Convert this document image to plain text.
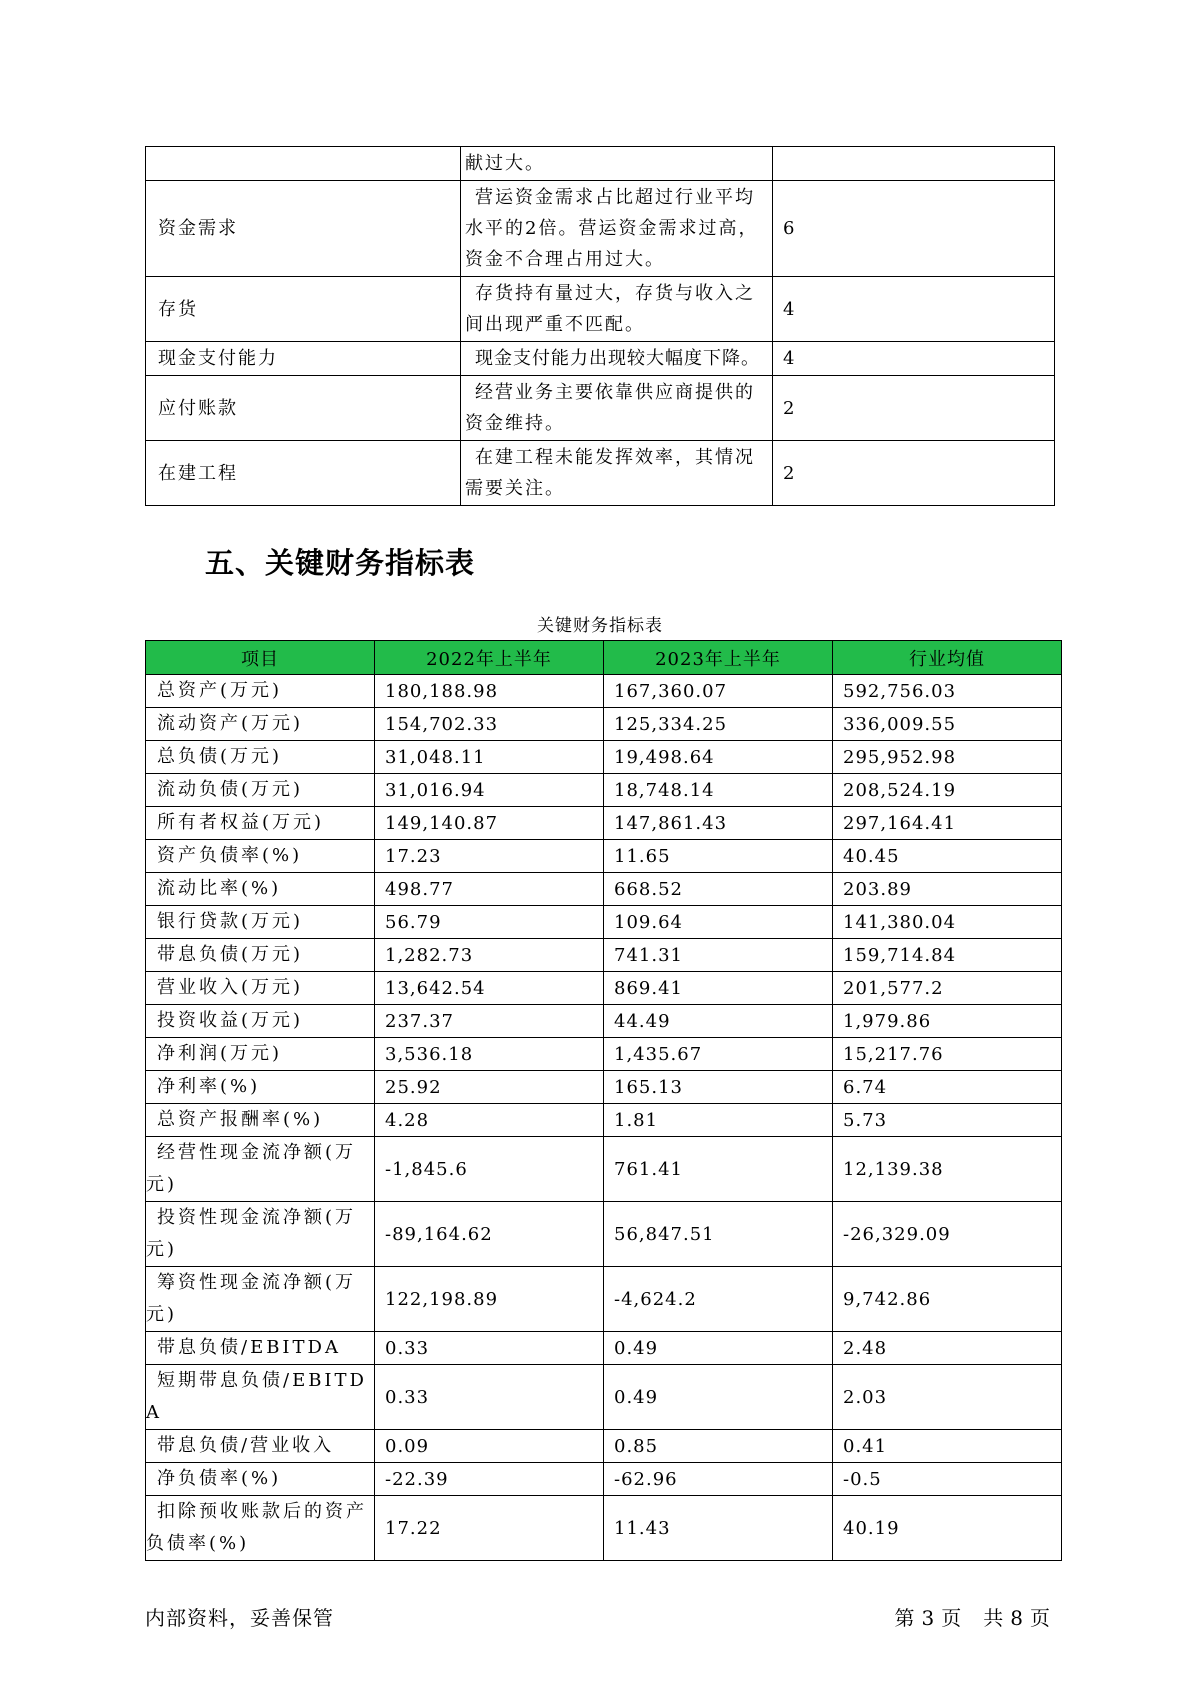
	献过大。	
资金需求	营运资金需求占比超过行业平均水平的2倍。营运资金需求过高，资金不合理占用过大。	6
存货	存货持有量过大，存货与收入之间出现严重不匹配。	4
现金支付能力	现金支付能力出现较大幅度下降。	4
应付账款	经营业务主要依靠供应商提供的资金维持。	2
在建工程	在建工程未能发挥效率，其情况需要关注。	2
五、关键财务指标表
关键财务指标表
项目	2022年上半年	2023年上半年	行业均值
总资产(万元)	180,188.98	167,360.07	592,756.03
流动资产(万元)	154,702.33	125,334.25	336,009.55
总负债(万元)	31,048.11	19,498.64	295,952.98
流动负债(万元)	31,016.94	18,748.14	208,524.19
所有者权益(万元)	149,140.87	147,861.43	297,164.41
资产负债率(%)	17.23	11.65	40.45
流动比率(%)	498.77	668.52	203.89
银行贷款(万元)	56.79	109.64	141,380.04
带息负债(万元)	1,282.73	741.31	159,714.84
营业收入(万元)	13,642.54	869.41	201,577.2
投资收益(万元)	237.37	44.49	1,979.86
净利润(万元)	3,536.18	1,435.67	15,217.76
净利率(%)	25.92	165.13	6.74
总资产报酬率(%)	4.28	1.81	5.73
经营性现金流净额(万元)	-1,845.6	761.41	12,139.38
投资性现金流净额(万元)	-89,164.62	56,847.51	-26,329.09
筹资性现金流净额(万元)	122,198.89	-4,624.2	9,742.86
带息负债/EBITDA	0.33	0.49	2.48
短期带息负债/EBITDA	0.33	0.49	2.03
带息负债/营业收入	0.09	0.85	0.41
净负债率(%)	-22.39	-62.96	-0.5
扣除预收账款后的资产负债率(%)	17.22	11.43	40.19
内部资料，妥善保管	第 3 页　共 8 页
